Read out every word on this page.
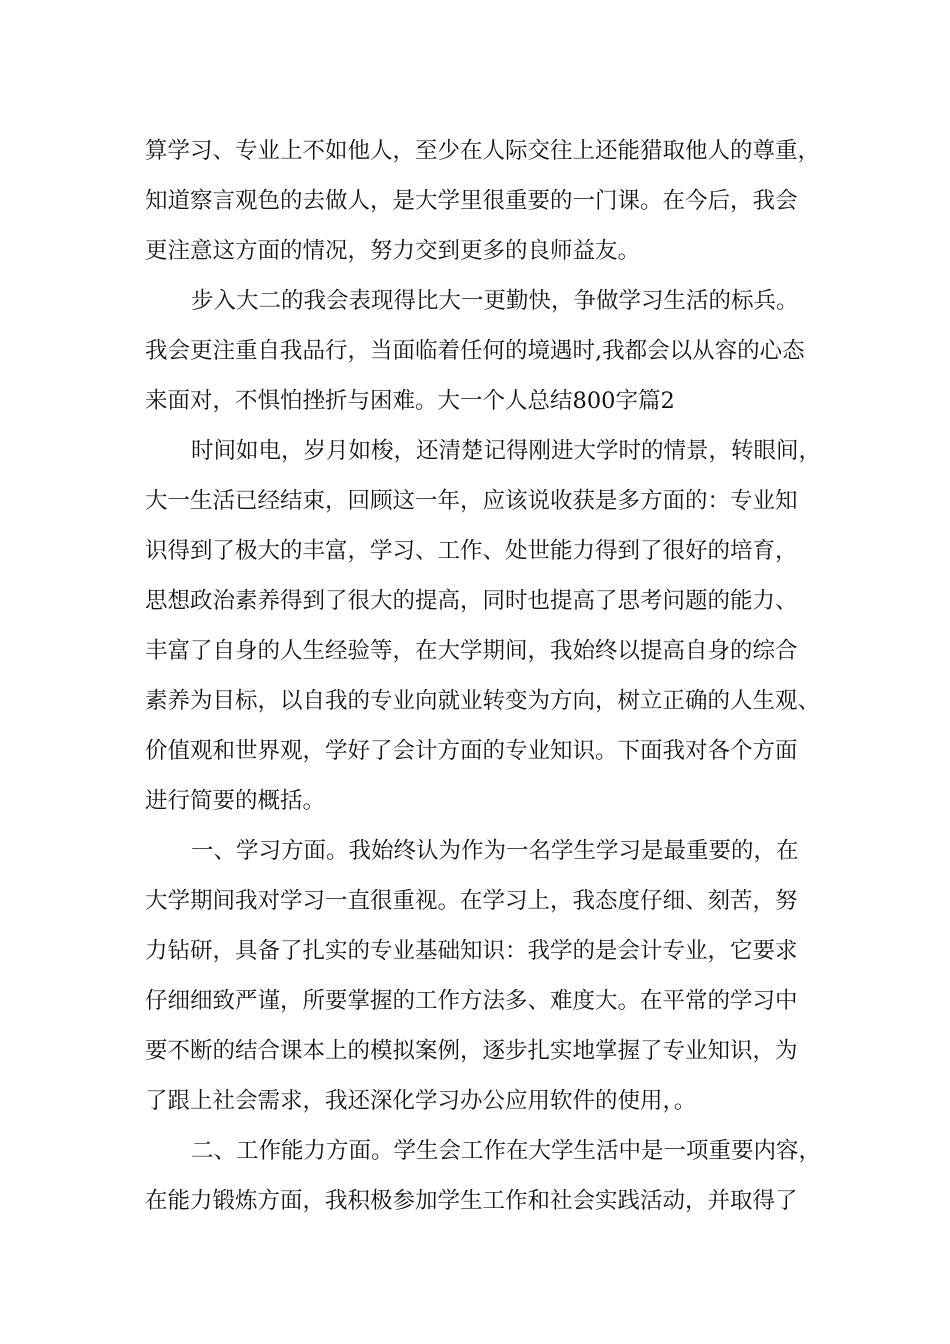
算学习、专业上不如他人，至少在人际交往上还能猎取他人的尊重，
知道察言观色的去做人，是大学里很重要的一门课。在今后，我会
更注意这方面的情况，努力交到更多的良师益友。
步入大二的我会表现得比大一更勤快，争做学习生活的标兵。
我会更注重自我品行，当面临着任何的境遇时,我都会以从容的心态
来面对，不惧怕挫折与困难。大一个人总结800字篇2
时间如电，岁月如梭，还清楚记得刚进大学时的情景，转眼间，
大一生活已经结束，回顾这一年，应该说收获是多方面的：专业知
识得到了极大的丰富，学习、工作、处世能力得到了很好的培育，
思想政治素养得到了很大的提高，同时也提高了思考问题的能力、
丰富了自身的人生经验等，在大学期间，我始终以提高自身的综合
素养为目标，以自我的专业向就业转变为方向，树立正确的人生观、
价值观和世界观，学好了会计方面的专业知识。下面我对各个方面
进行简要的概括。
一、学习方面。我始终认为作为一名学生学习是最重要的，在
大学期间我对学习一直很重视。在学习上，我态度仔细、刻苦，努
力钻研，具备了扎实的专业基础知识：我学的是会计专业，它要求
仔细细致严谨，所要掌握的工作方法多、难度大。在平常的学习中
要不断的结合课本上的模拟案例，逐步扎实地掌握了专业知识，为
了跟上社会需求，我还深化学习办公应用软件的使用，。
二、工作能力方面。学生会工作在大学生活中是一项重要内容，
在能力锻炼方面，我积极参加学生工作和社会实践活动，并取得了
